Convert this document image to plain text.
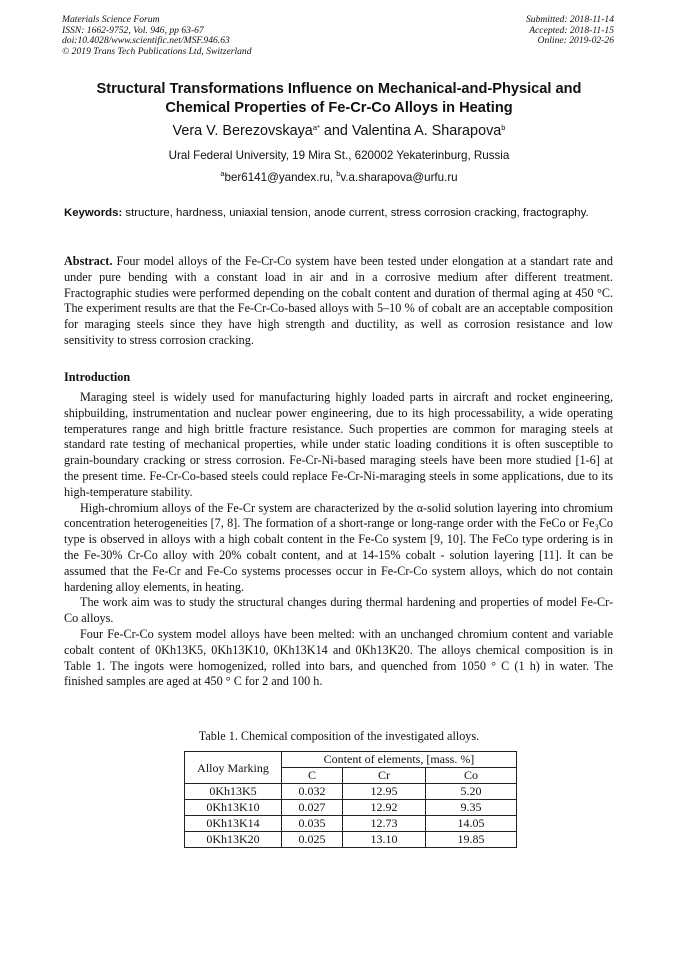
Materials Science Forum
ISSN: 1662-9752, Vol. 946, pp 63-67
doi:10.4028/www.scientific.net/MSF.946.63
© 2019 Trans Tech Publications Ltd, Switzerland
Submitted: 2018-11-14
Accepted: 2018-11-15
Online: 2019-02-26
Structural Transformations Influence on Mechanical-and-Physical and
Chemical Properties of Fe-Cr-Co Alloys in Heating
Vera V. Berezovskaya$^{a*}$ and Valentina A. Sharapova$^b$
Ural Federal University, 19 Mira St., 620002 Yekaterinburg, Russia
$^a$ber6141@yandex.ru, $^b$v.a.sharapova@urfu.ru
Keywords: structure, hardness, uniaxial tension, anode current, stress corrosion cracking, fractography.
Abstract. Four model alloys of the Fe-Cr-Co system have been tested under elongation at a standart rate and under pure bending with a constant load in air and in a corrosive medium after different treatment. Fractographic studies were performed depending on the cobalt content and duration of thermal aging at 450 °C. The experiment results are that the Fe-Cr-Co-based alloys with 5–10 % of cobalt are an acceptable composition for maraging steels since they have high strength and ductility, as well as corrosion resistance and low sensitivity to stress corrosion cracking.
Introduction

Maraging steel is widely used for manufacturing highly loaded parts in aircraft and rocket engineering, shipbuilding, instrumentation and nuclear power engineering, due to its high processability, a wide operating temperatures range and high brittle fracture resistance. Such properties are common for maraging steels at standard rate testing of mechanical properties, while under static loading conditions it is often susceptible to grain-boundary cracking or stress corrosion. Fe-Cr-Ni-based maraging steels have been more studied [1-6] at the present time. Fe-Cr-Co-based steels could replace Fe-Cr-Ni-maraging steels in some applications, due to its high-temperature stability.

High-chromium alloys of the Fe-Cr system are characterized by the α-solid solution layering into chromium concentration heterogeneities [7, 8]. The formation of a short-range or long-range order with the FeCo or Fe₃Co type is observed in alloys with a high cobalt content in the Fe-Co system [9, 10]. The FeCo type ordering is in the Fe-30% Cr-Co alloy with 20% cobalt content, and at 14-15% cobalt - solution layering [11]. It can be assumed that the Fe-Cr and Fe-Co systems processes occur in Fe-Cr-Co system alloys, which do not contain hardening alloy elements, in heating.

The work aim was to study the structural changes during thermal hardening and properties of model Fe-Cr-Co alloys.

Four Fe-Cr-Co system model alloys have been melted: with an unchanged chromium content and variable cobalt content of 0Kh13K5, 0Kh13K10, 0Kh13K14 and 0Kh13K20. The alloys chemical composition is in Table 1. The ingots were homogenized, rolled into bars, and quenched from 1050 ° C (1 h) in water. The finished samples are aged at 450 ° C for 2 and 100 h.

Table 1. Chemical composition of the investigated alloys.
Alloy Marking	Content of elements, [mass. %]		
	C	Cr	Co
0Kh13K5	0.032	12.95	5.20
0Kh13K10	0.027	12.92	9.35
0Kh13K14	0.035	12.73	14.05
0Kh13K20	0.025	13.10	19.85
